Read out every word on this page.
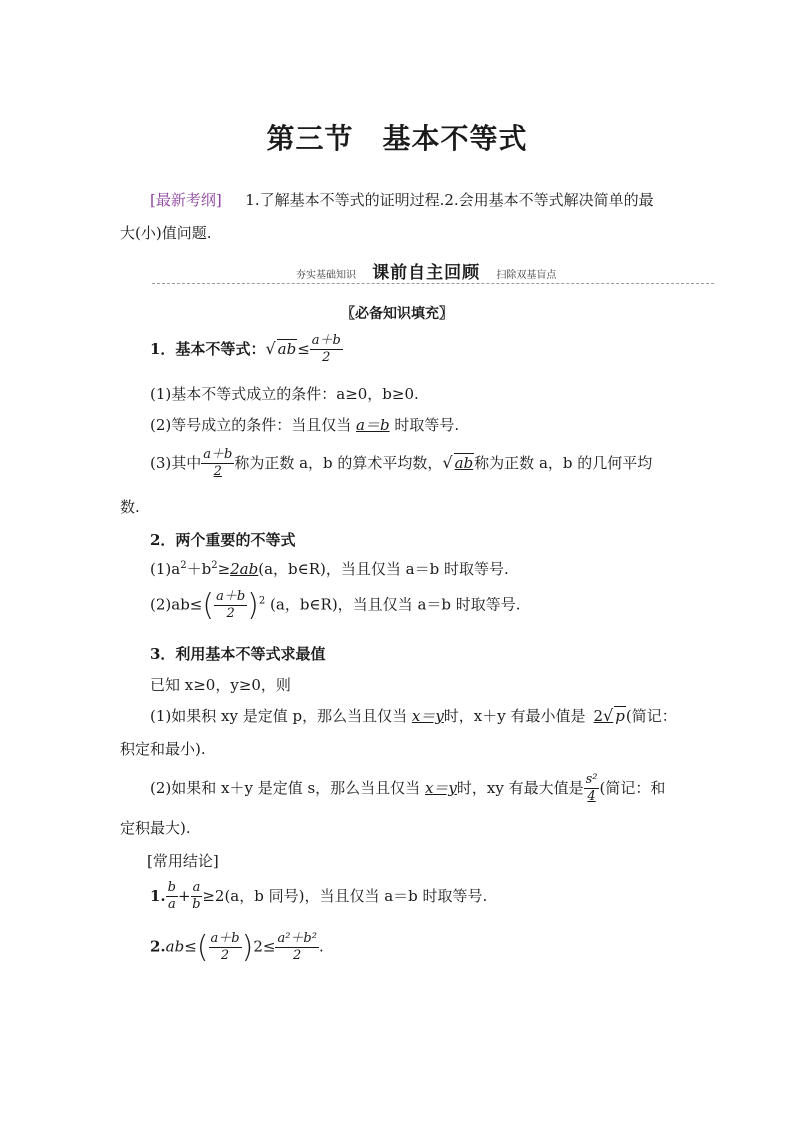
第三节　基本不等式
[最新考纲] 1.了解基本不等式的证明过程.2.会用基本不等式解决简单的最
大(小)值问题.
夯实基础知识 课前自主回顾 扫除双基盲点
〖必备知识填充〗
1．基本不等式：√ $ab\le \frac{a+b}{2}$
(1)基本不等式成立的条件：a≥0，b≥0.
(2)等号成立的条件：当且仅当 a＝b 时取等号.
(3)其中 $\frac{a+b}{2}$ 称为正数 a，b 的算术平均数，√ ab称为正数 a，b 的几何平均
数.
2．两个重要的不等式
$(1)a^2+b^2\ge 2ab(a$，b∈R)，当且仅当 a＝b 时取等号.
$(2)ab\le( \frac{a+b}{2} )^2$ (a，b∈R)，当且仅当 a＝b 时取等号.
3．利用基本不等式求最值
已知 x≥0，y≥0，则
(1)如果积 xy 是定值 p，那么当且仅当 x＝y时，x＋y 有最小值是 2√ p(简记：
积定和最小).
(2)如果和 x＋y 是定值 s，那么当且仅当 x＝y时，xy 有最大值是 $\frac{\text{s²}}{4}$ (简记：和
定积最大).
[常用结论]
1. $\frac{b}{a} + \frac{a}{b} \ge 2(a$，b 同号)，当且仅当 a＝b 时取等号.
$2.ab\le( \frac{a+b}{2} )2\le \frac{\text{a²＋b²}}{2}$ .
